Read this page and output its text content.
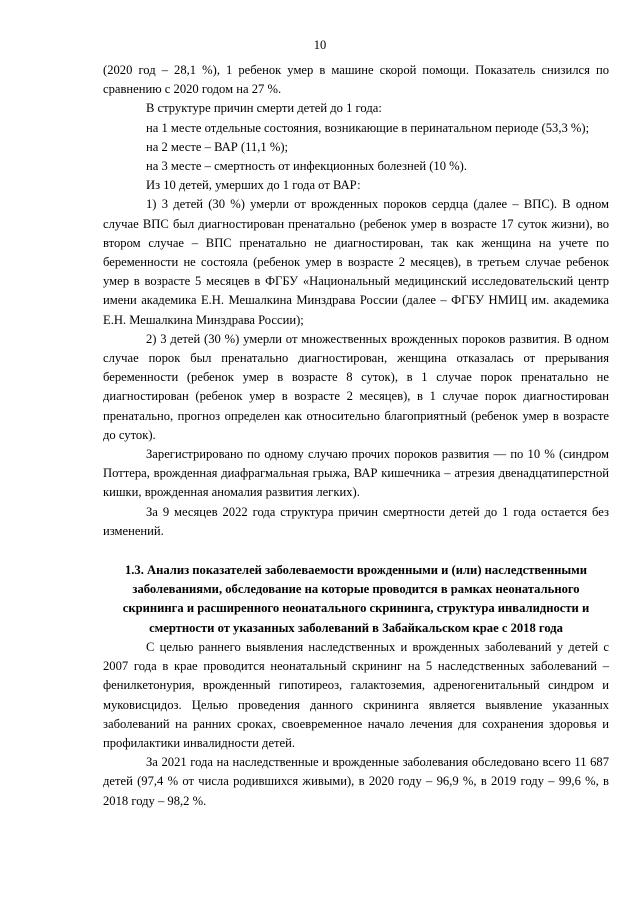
10

(2020 год – 28,1 %), 1 ребенок умер в машине скорой помощи. Показатель снизился по сравнению с 2020 годом на 27 %.

В структуре причин смерти детей до 1 года:

на 1 месте отдельные состояния, возникающие в перинатальном периоде (53,3 %);

на 2 месте – ВАР (11,1 %);

на 3 месте – смертность от инфекционных болезней (10 %).

Из 10 детей, умерших до 1 года от ВАР:

1) 3 детей (30 %) умерли от врожденных пороков сердца (далее – ВПС). В одном случае ВПС был диагностирован пренатально (ребенок умер в возрасте 17 суток жизни), во втором случае – ВПС пренатально не диагностирован, так как женщина на учете по беременности не состояла (ребенок умер в возрасте 2 месяцев), в третьем случае ребенок умер в возрасте 5 месяцев в ФГБУ «Национальный медицинский исследовательский центр имени академика Е.Н. Мешалкина Минздрава России (далее – ФГБУ НМИЦ им. академика Е.Н. Мешалкина Минздрава России);

2) 3 детей (30 %) умерли от множественных врожденных пороков развития. В одном случае порок был пренатально диагностирован, женщина отказалась от прерывания беременности (ребенок умер в возрасте 8 суток), в 1 случае порок пренатально не диагностирован (ребенок умер в возрасте 2 месяцев), в 1 случае порок диагностирован пренатально, прогноз определен как относительно благоприятный (ребенок умер в возрасте до суток).

Зарегистрировано по одному случаю прочих пороков развития — по 10 % (синдром Поттера, врожденная диафрагмальная грыжа, ВАР кишечника – атрезия двенадцатиперстной кишки, врожденная аномалия развития легких).

За 9 месяцев 2022 года структура причин смертности детей до 1 года остается без изменений.

1.3. Анализ показателей заболеваемости врожденными и (или) наследственными заболеваниями, обследование на которые проводится в рамках неонатального скрининга и расширенного неонатального скрининга, структура инвалидности и смертности от указанных заболеваний в Забайкальском крае с 2018 года

С целью раннего выявления наследственных и врожденных заболеваний у детей с 2007 года в крае проводится неонатальный скрининг на 5 наследственных заболеваний – фенилкетонурия, врожденный гипотиреоз, галактоземия, адреногенитальный синдром и муковисцидоз. Целью проведения данного скрининга является выявление указанных заболеваний на ранних сроках, своевременное начало лечения для сохранения здоровья и профилактики инвалидности детей.

За 2021 года на наследственные и врожденные заболевания обследовано всего 11 687 детей (97,4 % от числа родившихся живыми), в 2020 году – 96,9 %, в 2019 году – 99,6 %, в 2018 году – 98,2 %.
